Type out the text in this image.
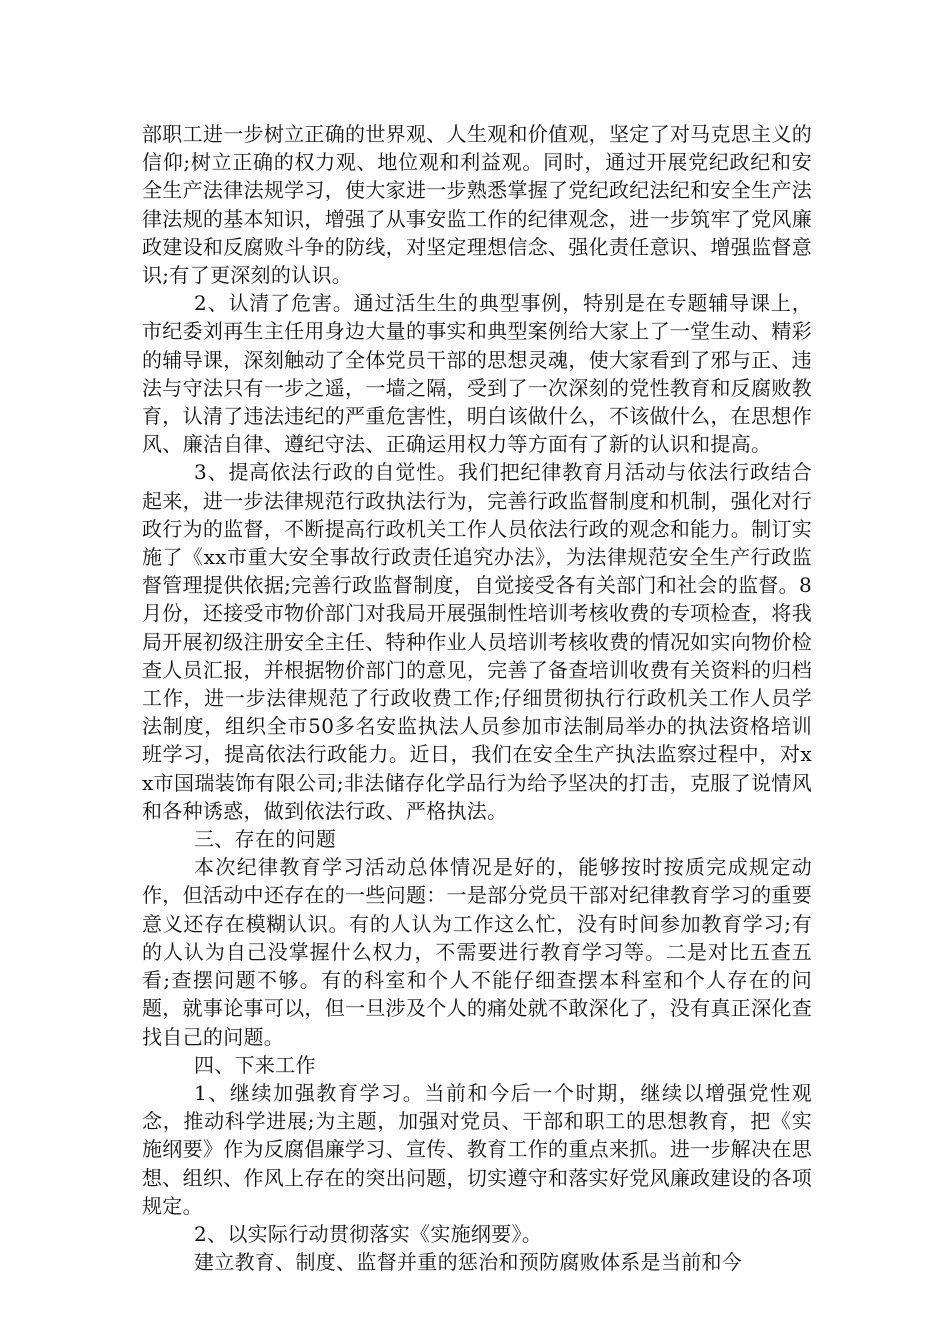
部职工进一步树立正确的世界观、人生观和价值观，坚定了对马克思主义的信仰;树立正确的权力观、地位观和利益观。同时，通过开展党纪政纪和安全生产法律法规学习，使大家进一步熟悉掌握了党纪政纪法纪和安全生产法律法规的基本知识，增强了从事安监工作的纪律观念，进一步筑牢了党风廉政建设和反腐败斗争的防线，对坚定理想信念、强化责任意识、增强监督意识;有了更深刻的认识。

2、认清了危害。通过活生生的典型事例，特别是在专题辅导课上，市纪委刘再生主任用身边大量的事实和典型案例给大家上了一堂生动、精彩的辅导课，深刻触动了全体党员干部的思想灵魂，使大家看到了邪与正、违法与守法只有一步之遥，一墙之隔，受到了一次深刻的党性教育和反腐败教育，认清了违法违纪的严重危害性，明白该做什么，不该做什么，在思想作风、廉洁自律、遵纪守法、正确运用权力等方面有了新的认识和提高。

3、提高依法行政的自觉性。我们把纪律教育月活动与依法行政结合起来，进一步法律规范行政执法行为，完善行政监督制度和机制，强化对行政行为的监督，不断提高行政机关工作人员依法行政的观念和能力。制订实施了《xx市重大安全事故行政责任追究办法》，为法律规范安全生产行政监督管理提供依据;完善行政监督制度，自觉接受各有关部门和社会的监督。8月份，还接受市物价部门对我局开展强制性培训考核收费的专项检查，将我局开展初级注册安全主任、特种作业人员培训考核收费的情况如实向物价检查人员汇报，并根据物价部门的意见，完善了备查培训收费有关资料的归档工作，进一步法律规范了行政收费工作;仔细贯彻执行行政机关工作人员学法制度，组织全市50多名安监执法人员参加市法制局举办的执法资格培训班学习，提高依法行政能力。近日，我们在安全生产执法监察过程中，对xx市国瑞装饰有限公司;非法储存化学品行为给予坚决的打击，克服了说情风和各种诱惑，做到依法行政、严格执法。

三、存在的问题

本次纪律教育学习活动总体情况是好的，能够按时按质完成规定动作，但活动中还存在的一些问题：一是部分党员干部对纪律教育学习的重要意义还存在模糊认识。有的人认为工作这么忙，没有时间参加教育学习;有的人认为自己没掌握什么权力，不需要进行教育学习等。二是对比五查五看;查摆问题不够。有的科室和个人不能仔细查摆本科室和个人存在的问题，就事论事可以，但一旦涉及个人的痛处就不敢深化了，没有真正深化查找自己的问题。

四、下来工作

1、继续加强教育学习。当前和今后一个时期，继续以增强党性观念，推动科学进展;为主题，加强对党员、干部和职工的思想教育，把《实施纲要》作为反腐倡廉学习、宣传、教育工作的重点来抓。进一步解决在思想、组织、作风上存在的突出问题，切实遵守和落实好党风廉政建设的各项规定。

2、以实际行动贯彻落实《实施纲要》。

建立教育、制度、监督并重的惩治和预防腐败体系是当前和今
